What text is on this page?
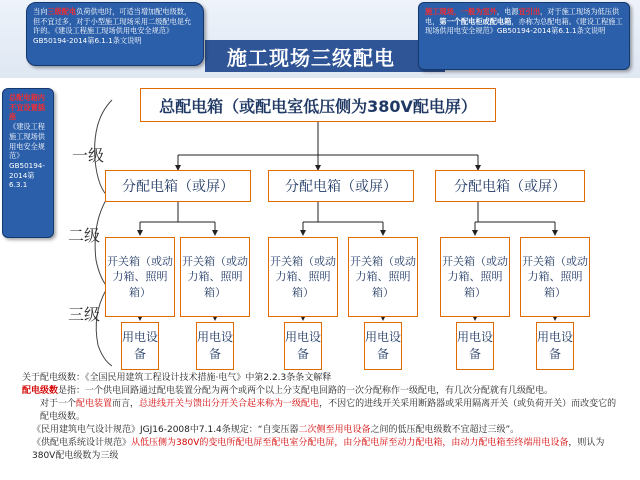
施工现场三级配电
当向三级配电负荷供电时，可适当增加配电级数，但不宜过多，对于小型施工现场采用二级配电是允许的。《建设工程施工现场供用电安全规范》GB50194-2014第6.1.1条文说明
施工现场，一般为室外，电源宜引出，对于施工现场为低压供电，第一个配电柜或配电箱，亦称为总配电箱。《建设工程施工现场供用电安全规范》GB50194-2014第6.1.1条文说明
总配电箱内不宜设置插座
《建设工程施工现场供用电安全规范》GB50194-2014第6.3.1
一级
二级
三级
总配电箱（或配电室低压侧为380V配电屏）
分配电箱（或屏）	分配电箱（或屏）	分配电箱（或屏）
开关箱（或动力箱、照明箱）
开关箱（或动力箱、照明箱）
开关箱（或动力箱、照明箱）
开关箱（或动力箱、照明箱）
开关箱（或动力箱、照明箱）
开关箱（或动力箱、照明箱）
用电设备
用电设备
用电设备
用电设备
用电设备
用电设备
关于配电级数：《全国民用建筑工程设计技术措施·电气》中第2.2.3条条文解释
配电级数是指：一个供电回路通过配电装置分配为两个或两个以上分支配电回路的一次分配称作一级配电，有几次分配就有几级配电。
对于一个配电装置而言，总进线开关与馈出分开关合起来称为一级配电，不因它的进线开关采用断路器或采用隔离开关（或负荷开关）而改变它的配电级数。
《民用建筑电气设计规范》JGJ16-2008中7.1.4条规定：“自变压器二次侧至用电设备之间的低压配电级数不宜超过三级”。
《供配电系统设计规范》从低压侧为380V的变电所配电屏至配电室分配电屏，由分配电屏至动力配电箱，由动力配电箱至终端用电设备，则认为380V配电级数为三级
